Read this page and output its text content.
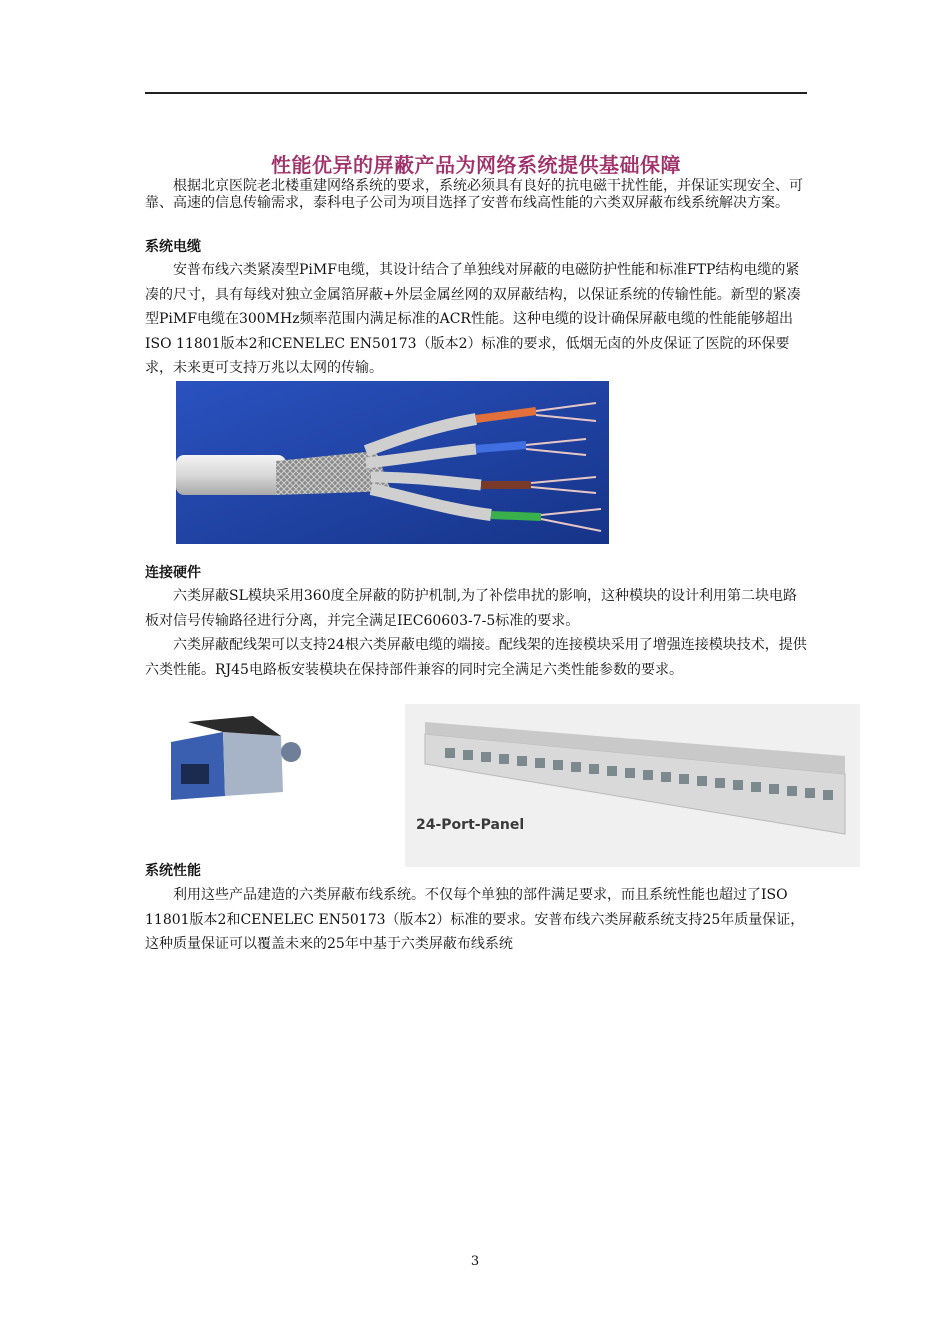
性能优异的屏蔽产品为网络系统提供基础保障

根据北京医院老北楼重建网络系统的要求，系统必须具有良好的抗电磁干扰性能，并保证实现安全、可靠、高速的信息传输需求，泰科电子公司为项目选择了安普布线高性能的六类双屏蔽布线系统解决方案。

系统电缆

安普布线六类紧凑型PiMF电缆，其设计结合了单独线对屏蔽的电磁防护性能和标准FTP结构电缆的紧凑的尺寸，具有每线对独立金属箔屏蔽+外层金属丝网的双屏蔽结构，以保证系统的传输性能。新型的紧凑型PiMF电缆在300MHz频率范围内满足标准的ACR性能。这种电缆的设计确保屏蔽电缆的性能能够超出ISO 11801版本2和CENELEC EN50173（版本2）标准的要求，低烟无卤的外皮保证了医院的环保要求，未来更可支持万兆以太网的传输。

连接硬件

六类屏蔽SL模块采用360度全屏蔽的防护机制,为了补偿串扰的影响，这种模块的设计利用第二块电路板对信号传输路径进行分离，并完全满足IEC60603-7-5标准的要求。

六类屏蔽配线架可以支持24根六类屏蔽电缆的端接。配线架的连接模块采用了增强连接模块技术，提供六类性能。RJ45电路板安装模块在保持部件兼容的同时完全满足六类性能参数的要求。

24-Port-Panel
系统性能

利用这些产品建造的六类屏蔽布线系统。不仅每个单独的部件满足要求，而且系统性能也超过了ISO 11801版本2和CENELEC EN50173（版本2）标准的要求。安普布线六类屏蔽系统支持25年质量保证，这种质量保证可以覆盖未来的25年中基于六类屏蔽布线系统

3
